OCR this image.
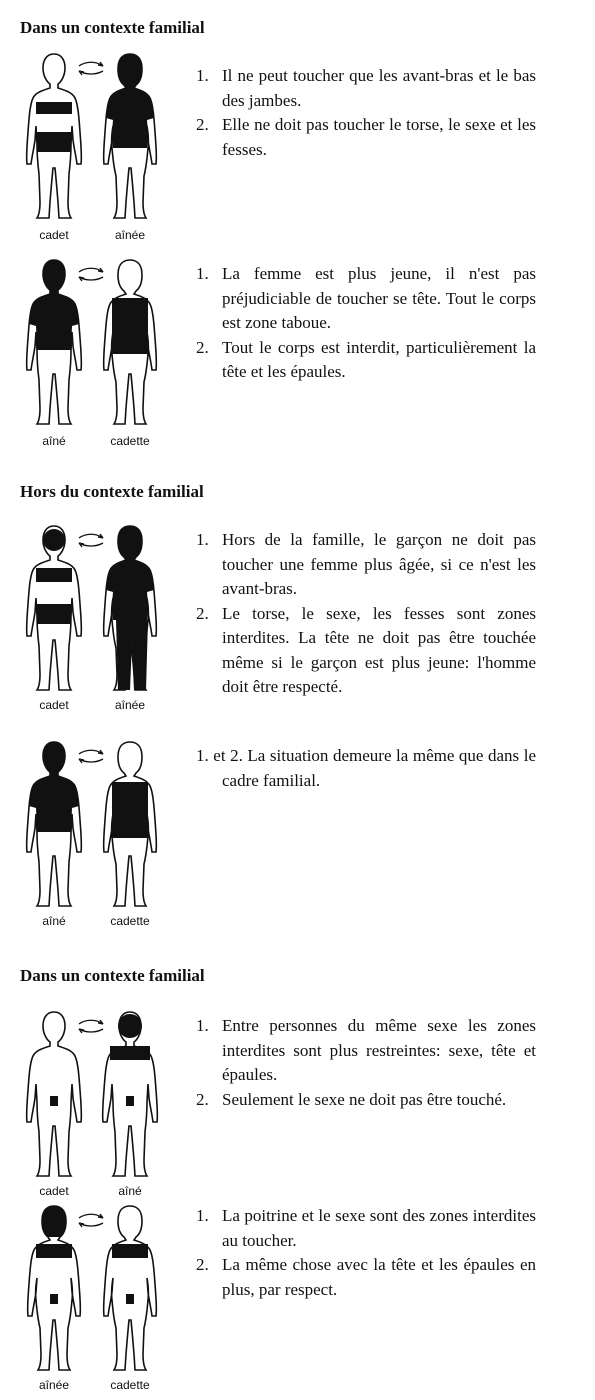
Dans un contexte familial
cadet	aînée
1. Il ne peut toucher que les avant-bras et le bas des jambes.
2. Elle ne doit pas toucher le torse, le sexe et les fesses.
aîné	cadette
1. La femme est plus jeune, il n'est pas préjudiciable de toucher se tête. Tout le corps est zone taboue.
2. Tout le corps est interdit, particulièrement la tête et les épaules.
Hors du contexte familial
cadet	aînée
1. Hors de la famille, le garçon ne doit pas toucher une femme plus âgée, si ce n'est les avant-bras.
2. Le torse, le sexe, les fesses sont zones interdites. La tête ne doit pas être touchée même si le garçon est plus jeune: l'homme doit être respecté.
aîné	cadette
1. et 2. La situation demeure la même que dans le cadre familial.
Dans un contexte familial
cadet	aîné
1. Entre personnes du même sexe les zones interdites sont plus restreintes: sexe, tête et épaules.
2. Seulement le sexe ne doit pas être touché.
aînée	cadette
1. La poitrine et le sexe sont des zones interdites au toucher.
2. La même chose avec la tête et les épaules en plus, par respect.
